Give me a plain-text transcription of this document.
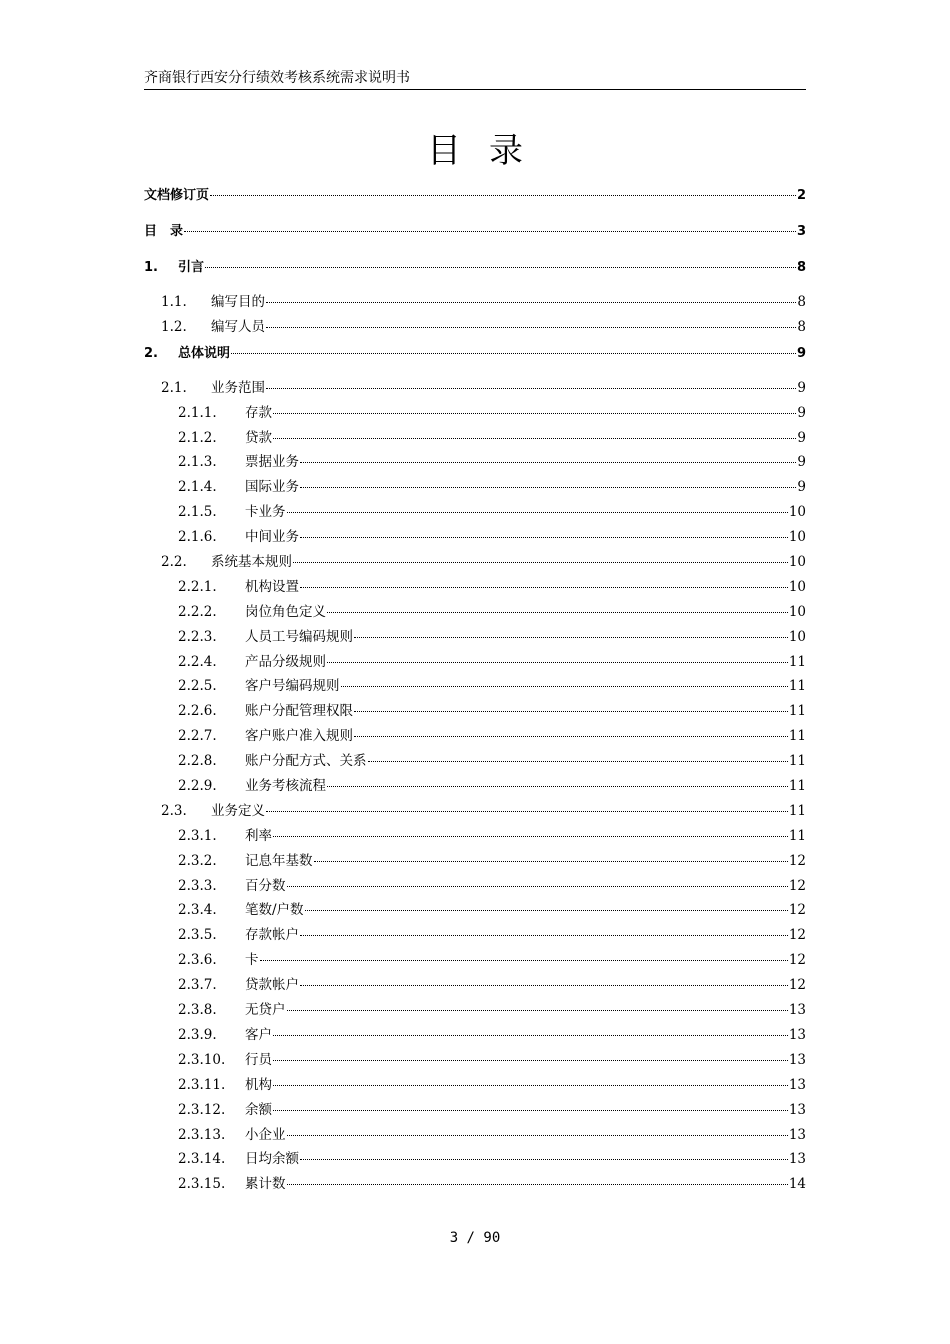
齐商银行西安分行绩效考核系统需求说明书
目录
文档修订页	2
目　录	3
1.	引言	8
1.1.	编写目的	8
1.2.	编写人员	8
2.	总体说明	9
2.1.	业务范围	9
2.1.1.	存款	9
2.1.2.	贷款	9
2.1.3.	票据业务	9
2.1.4.	国际业务	9
2.1.5.	卡业务	10
2.1.6.	中间业务	10
2.2.	系统基本规则	10
2.2.1.	机构设置	10
2.2.2.	岗位角色定义	10
2.2.3.	人员工号编码规则	10
2.2.4.	产品分级规则	11
2.2.5.	客户号编码规则	11
2.2.6.	账户分配管理权限	11
2.2.7.	客户账户准入规则	11
2.2.8.	账户分配方式、关系	11
2.2.9.	业务考核流程	11
2.3.	业务定义	11
2.3.1.	利率	11
2.3.2.	记息年基数	12
2.3.3.	百分数	12
2.3.4.	笔数/户数	12
2.3.5.	存款帐户	12
2.3.6.	卡	12
2.3.7.	贷款帐户	12
2.3.8.	无贷户	13
2.3.9.	客户	13
2.3.10.	行员	13
2.3.11.	机构	13
2.3.12.	余额	13
2.3.13.	小企业	13
2.3.14.	日均余额	13
2.3.15.	累计数	14
3 / 90
